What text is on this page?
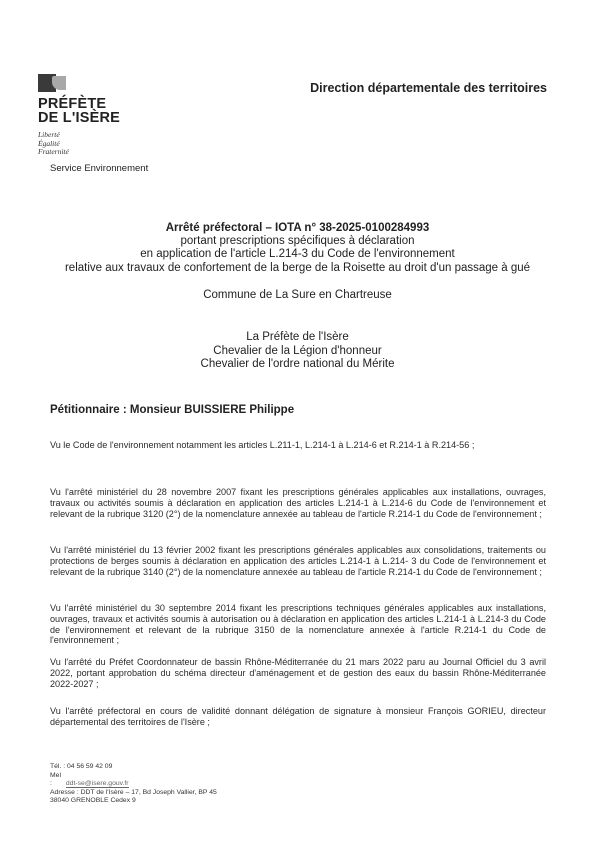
PRÉFÈTE
DE L'ISÈRE
Liberté
Égalité
Fraternité
Service Environnement
Direction départementale des territoires
Arrêté préfectoral – IOTA n° 38-2025-0100284993
portant prescriptions spécifiques à déclaration
en application de l'article L.214-3 du Code de l'environnement
relative aux travaux de confortement de la berge de la Roisette au droit d'un passage à gué
Commune de La Sure en Chartreuse
La Préfète de l'Isère
Chevalier de la Légion d'honneur
Chevalier de l'ordre national du Mérite
Pétitionnaire : Monsieur BUISSIERE Philippe

Vu le Code de l'environnement notamment les articles L.211-1, L.214-1 à L.214-6 et R.214-1 à R.214-56 ;

Vu l'arrêté ministériel du 28 novembre 2007 fixant les prescriptions générales applicables aux installations, ouvrages, travaux ou activités soumis à déclaration en application des articles L.214-1 à L.214-6 du Code de l'environnement et relevant de la rubrique 3120 (2°) de la nomenclature annexée au tableau de l'article R.214-1 du Code de l'environnement ;

Vu l'arrêté ministériel du 13 février 2002 fixant les prescriptions générales applicables aux consolidations, traitements ou protections de berges soumis à déclaration en application des articles L.214-1 à L.214- 3 du Code de l'environnement et relevant de la rubrique 3140 (2°) de la nomenclature annexée au tableau de l'article R.214-1 du Code de l'environnement ;

Vu l'arrêté ministériel du 30 septembre 2014 fixant les prescriptions techniques générales applicables aux installations, ouvrages, travaux et activités soumis à autorisation ou à déclaration en application des articles L.214-1 à L.214-3 du Code de l'environnement et relevant de la rubrique 3150 de la nomenclature annexée à l'article R.214-1 du Code de l'environnement ;

Vu l'arrêté du Préfet Coordonnateur de bassin Rhône-Méditerranée du 21 mars 2022 paru au Journal Officiel du 3 avril 2022, portant approbation du schéma directeur d'aménagement et de gestion des eaux du bassin Rhône-Méditerranée 2022-2027 ;

Vu l'arrêté préfectoral en cours de validité donnant délégation de signature à monsieur François GORIEU, directeur départemental des territoires de l'Isère ;

Tél. : 04 56 59 42 09
Mel : ddt-se@isere.gouv.fr
Adresse : DDT de l'Isère – 17, Bd Joseph Vallier, BP 45
38040 GRENOBLE Cedex 9
